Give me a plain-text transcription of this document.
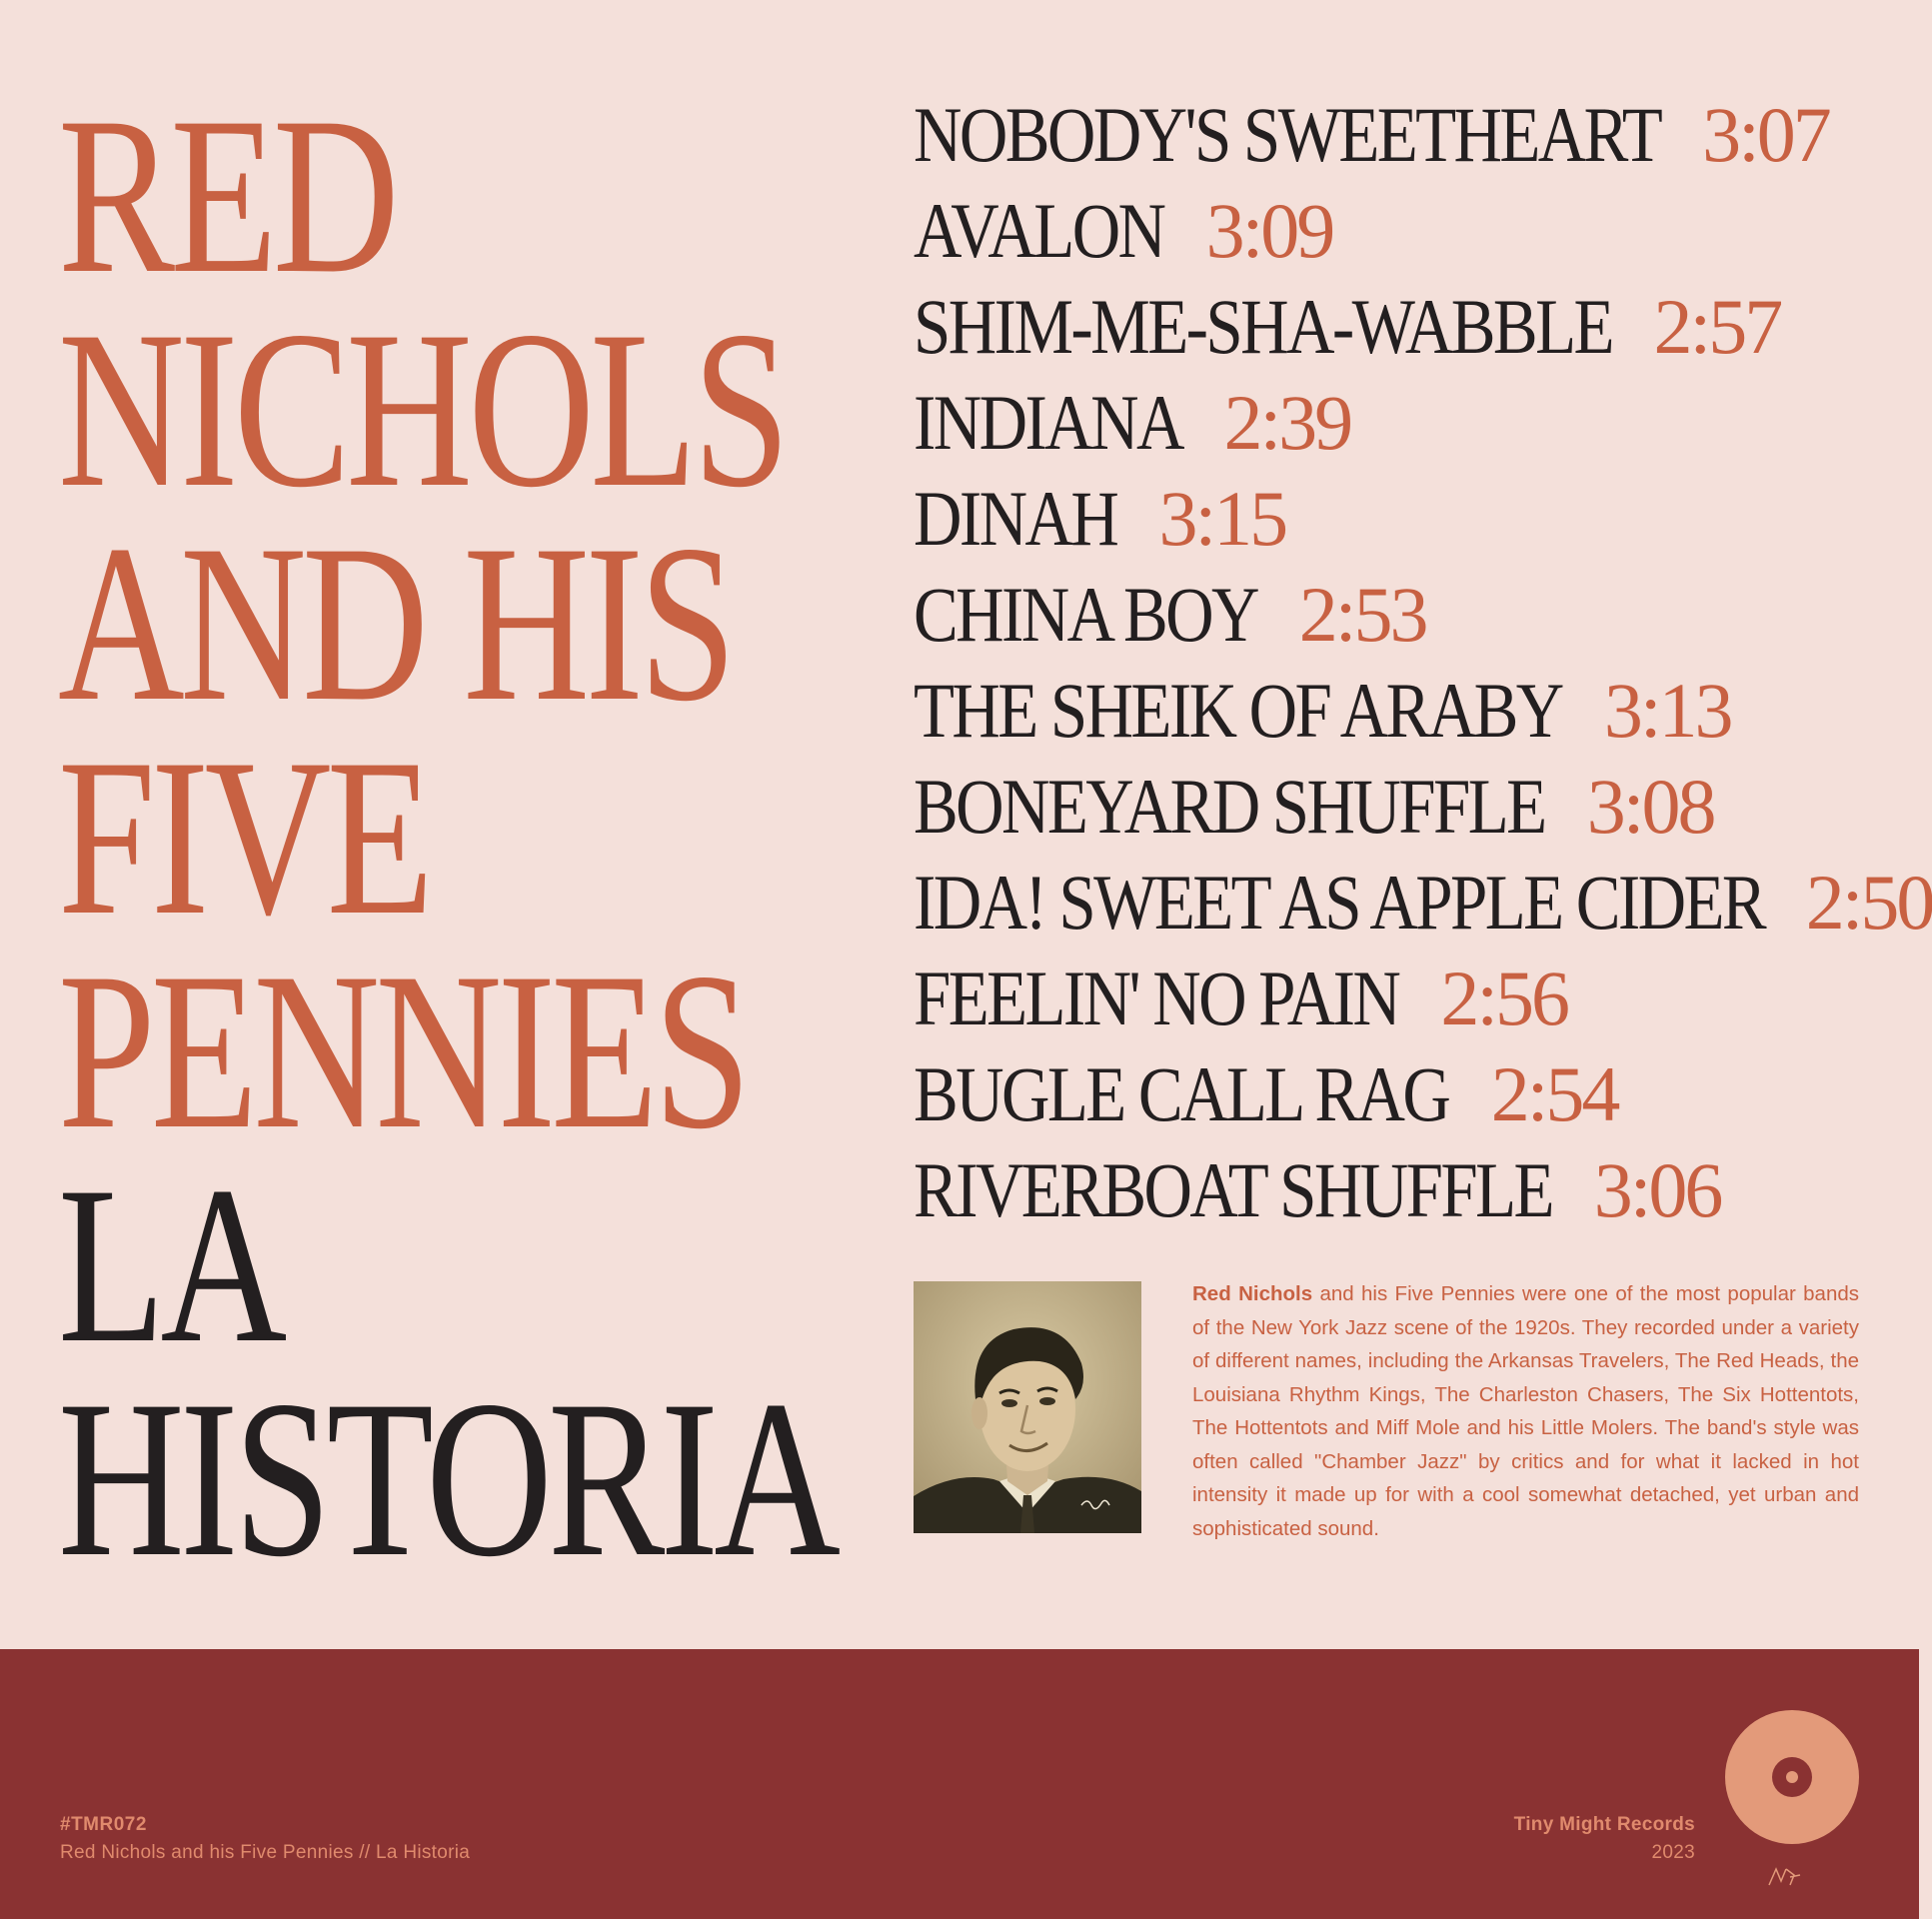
RED
NICHOLS
AND HIS
FIVE
PENNIES
LA
HISTORIA
NOBODY'S SWEETHEART 3:07
AVALON 3:09
SHIM-ME-SHA-WABBLE 2:57
INDIANA 2:39
DINAH 3:15
CHINA BOY 2:53
THE SHEIK OF ARABY 3:13
BONEYARD SHUFFLE 3:08
IDA! SWEET AS APPLE CIDER 2:50
FEELIN' NO PAIN 2:56
BUGLE CALL RAG 2:54
RIVERBOAT SHUFFLE 3:06

Red Nichols and his Five Pennies were one of the most popular bands of the New York Jazz scene of the 1920s. They recorded under a variety of different names, including the Arkansas Travelers, The Red Heads, the Louisiana Rhythm Kings, The Charleston Chasers, The Six Hottentots, The Hottentots and Miff Mole and his Little Molers. The band's style was often called "Chamber Jazz" by critics and for what it lacked in hot intensity it made up for with a cool somewhat detached, yet urban and sophisticated sound.

#TMR072
Red Nichols and his Five Pennies // La Historia
Tiny Might Records
2023
